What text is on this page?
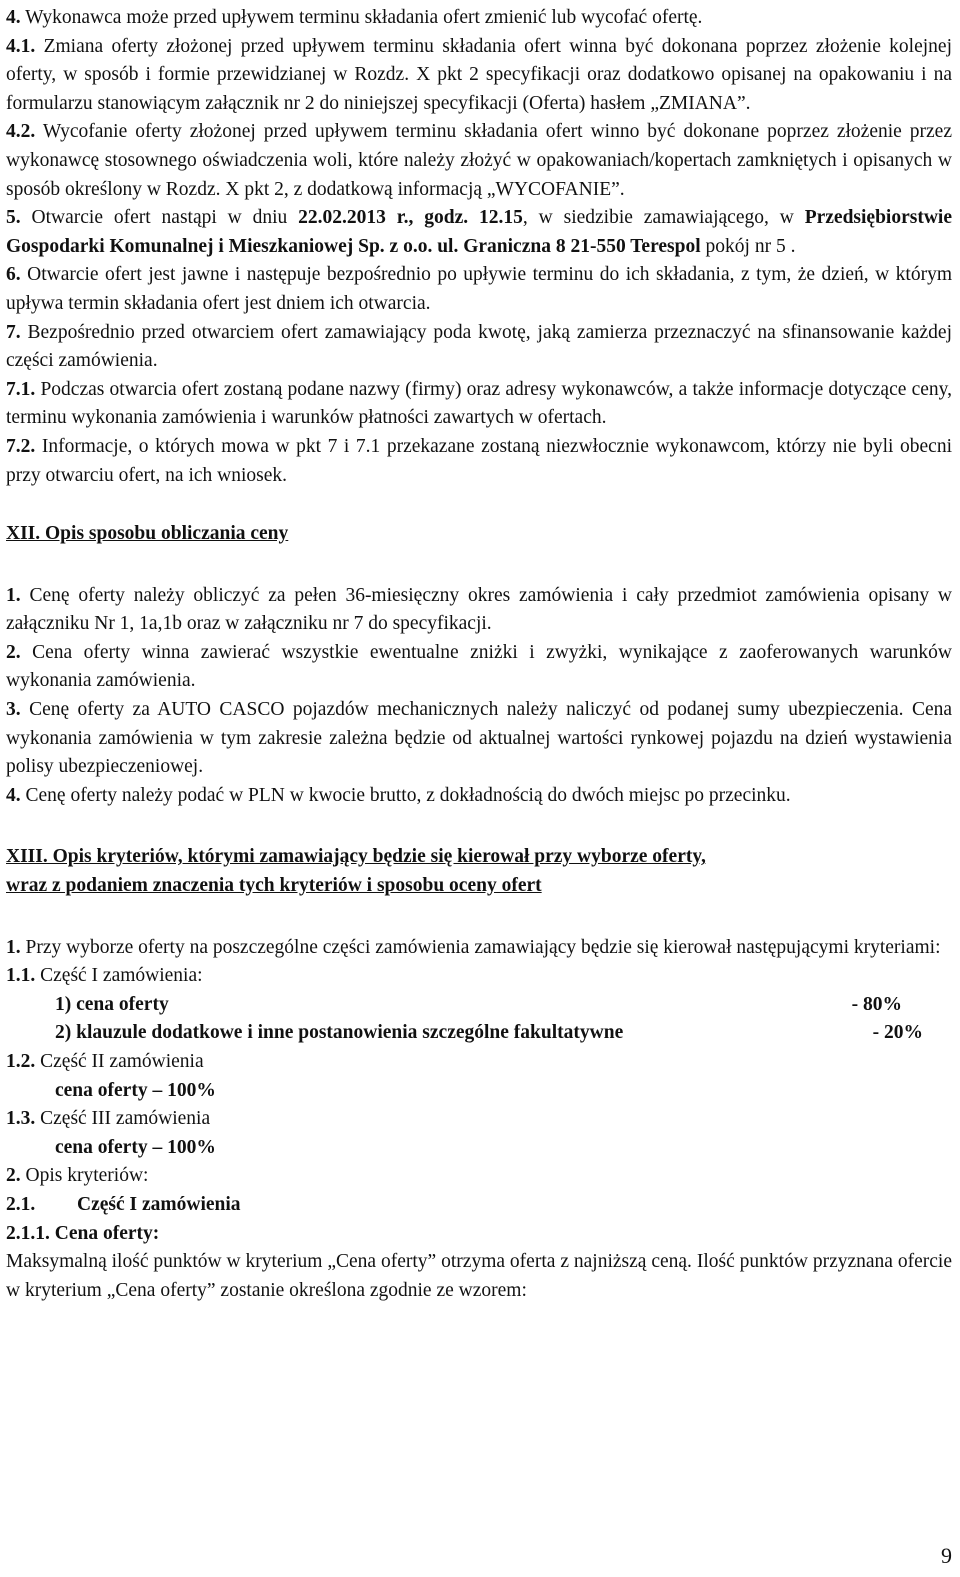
4. Wykonawca może przed upływem terminu składania ofert zmienić lub wycofać ofertę.

4.1. Zmiana oferty złożonej przed upływem terminu składania ofert winna być dokonana poprzez złożenie kolejnej oferty, w sposób i formie przewidzianej w Rozdz. X pkt 2 specyfikacji oraz dodatkowo opisanej na opakowaniu i na formularzu stanowiącym załącznik nr 2 do niniejszej specyfikacji (Oferta) hasłem „ZMIANA”.

4.2. Wycofanie oferty złożonej przed upływem terminu składania ofert winno być dokonane poprzez złożenie przez wykonawcę stosownego oświadczenia woli, które należy złożyć w opakowaniach/kopertach zamkniętych i opisanych w sposób określony w Rozdz. X pkt 2, z dodatkową informacją „WYCOFANIE”.

5. Otwarcie ofert nastąpi w dniu 22.02.2013 r., godz. 12.15, w siedzibie zamawiającego, w Przedsiębiorstwie Gospodarki Komunalnej i Mieszkaniowej Sp. z o.o. ul. Graniczna 8 21-550 Terespol pokój nr 5 .

6. Otwarcie ofert jest jawne i następuje bezpośrednio po upływie terminu do ich składania, z tym, że dzień, w którym upływa termin składania ofert jest dniem ich otwarcia.

7. Bezpośrednio przed otwarciem ofert zamawiający poda kwotę, jaką zamierza przeznaczyć na sfinansowanie każdej części zamówienia.

7.1. Podczas otwarcia ofert zostaną podane nazwy (firmy) oraz adresy wykonawców, a także informacje dotyczące ceny, terminu wykonania zamówienia i warunków płatności zawartych w ofertach.

7.2. Informacje, o których mowa w pkt 7 i 7.1 przekazane zostaną niezwłocznie wykonawcom, którzy nie byli obecni przy otwarciu ofert, na ich wniosek.

XII. Opis sposobu obliczania ceny

1. Cenę oferty należy obliczyć za pełen 36-miesięczny okres zamówienia i cały przedmiot zamówienia opisany w załączniku Nr 1, 1a,1b oraz w załączniku nr 7 do specyfikacji.

2. Cena oferty winna zawierać wszystkie ewentualne zniżki i zwyżki, wynikające z zaoferowanych warunków wykonania zamówienia.

3. Cenę oferty za AUTO CASCO pojazdów mechanicznych należy naliczyć od podanej sumy ubezpieczenia. Cena wykonania zamówienia w tym zakresie zależna będzie od aktualnej wartości rynkowej pojazdu na dzień wystawienia polisy ubezpieczeniowej.

4. Cenę oferty należy podać w PLN w kwocie brutto, z dokładnością do dwóch miejsc po przecinku.

XIII. Opis kryteriów, którymi zamawiający będzie się kierował przy wyborze oferty,

wraz z podaniem znaczenia tych kryteriów i sposobu oceny ofert

1. Przy wyborze oferty na poszczególne części zamówienia zamawiający będzie się kierował następującymi kryteriami:

1.1. Część I zamówienia:

1) cena oferty	- 80%
2) klauzule dodatkowe i inne postanowienia szczególne fakultatywne	- 20%

1.2. Część II zamówienia

cena oferty – 100%

1.3. Część III zamówienia

cena oferty – 100%

2. Opis kryteriów:

2.1. Część I zamówienia

2.1.1. Cena oferty:

Maksymalną ilość punktów w kryterium „Cena oferty” otrzyma oferta z najniższą ceną. Ilość punktów przyznana ofercie w kryterium „Cena oferty” zostanie określona zgodnie ze wzorem:

9
